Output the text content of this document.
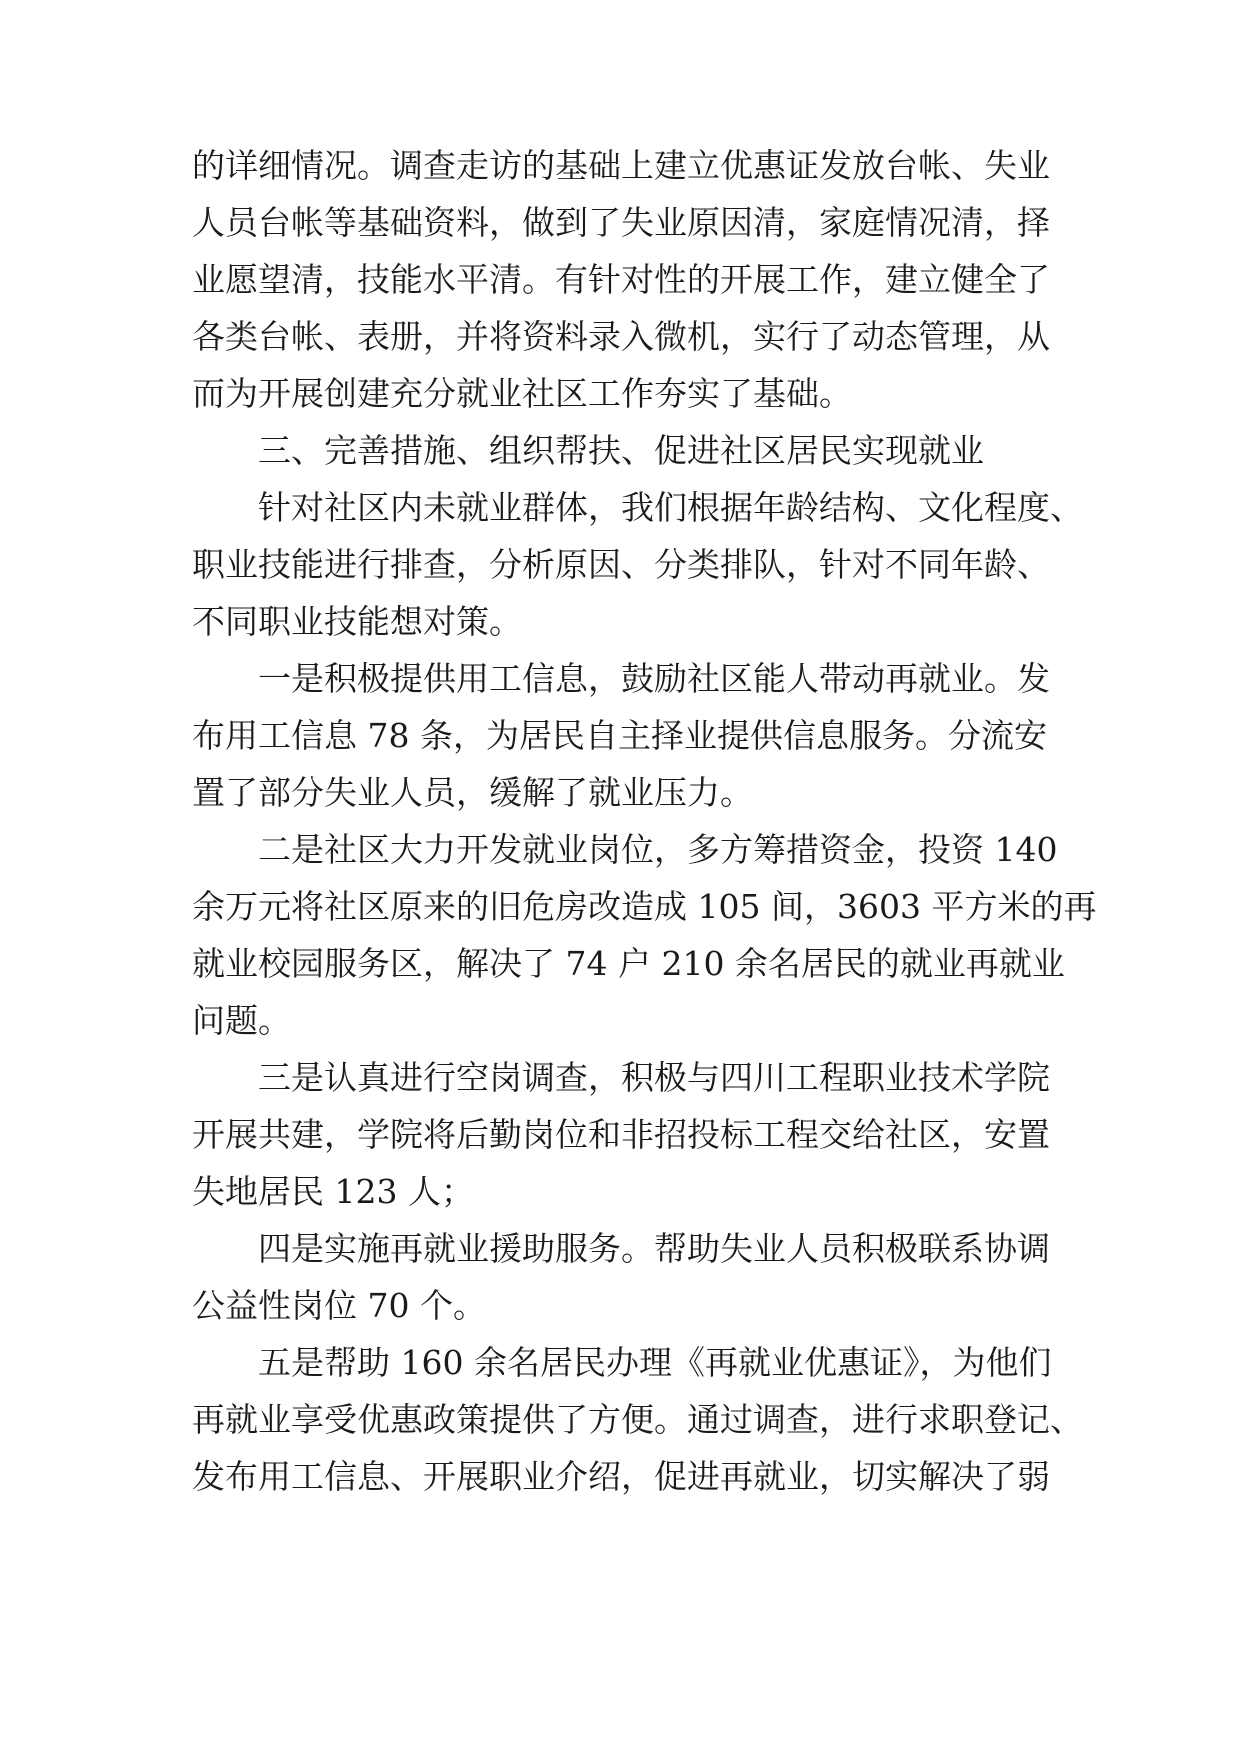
的详细情况。调查走访的基础上建立优惠证发放台帐、失业

人员台帐等基础资料，做到了失业原因清，家庭情况清，择

业愿望清，技能水平清。有针对性的开展工作，建立健全了

各类台帐、表册，并将资料录入微机，实行了动态管理，从

而为开展创建充分就业社区工作夯实了基础。

三、完善措施、组织帮扶、促进社区居民实现就业

针对社区内未就业群体，我们根据年龄结构、文化程度、

职业技能进行排查，分析原因、分类排队，针对不同年龄、

不同职业技能想对策。

一是积极提供用工信息，鼓励社区能人带动再就业。发

布用工信息 78 条，为居民自主择业提供信息服务。分流安

置了部分失业人员，缓解了就业压力。

二是社区大力开发就业岗位，多方筹措资金，投资 140

余万元将社区原来的旧危房改造成 105 间，3603 平方米的再

就业校园服务区，解决了 74 户 210 余名居民的就业再就业

问题。

三是认真进行空岗调查，积极与四川工程职业技术学院

开展共建，学院将后勤岗位和非招投标工程交给社区，安置

失地居民 123 人；

四是实施再就业援助服务。帮助失业人员积极联系协调

公益性岗位 70 个。

五是帮助 160 余名居民办理《再就业优惠证》，为他们

再就业享受优惠政策提供了方便。通过调查，进行求职登记、

发布用工信息、开展职业介绍，促进再就业，切实解决了弱
